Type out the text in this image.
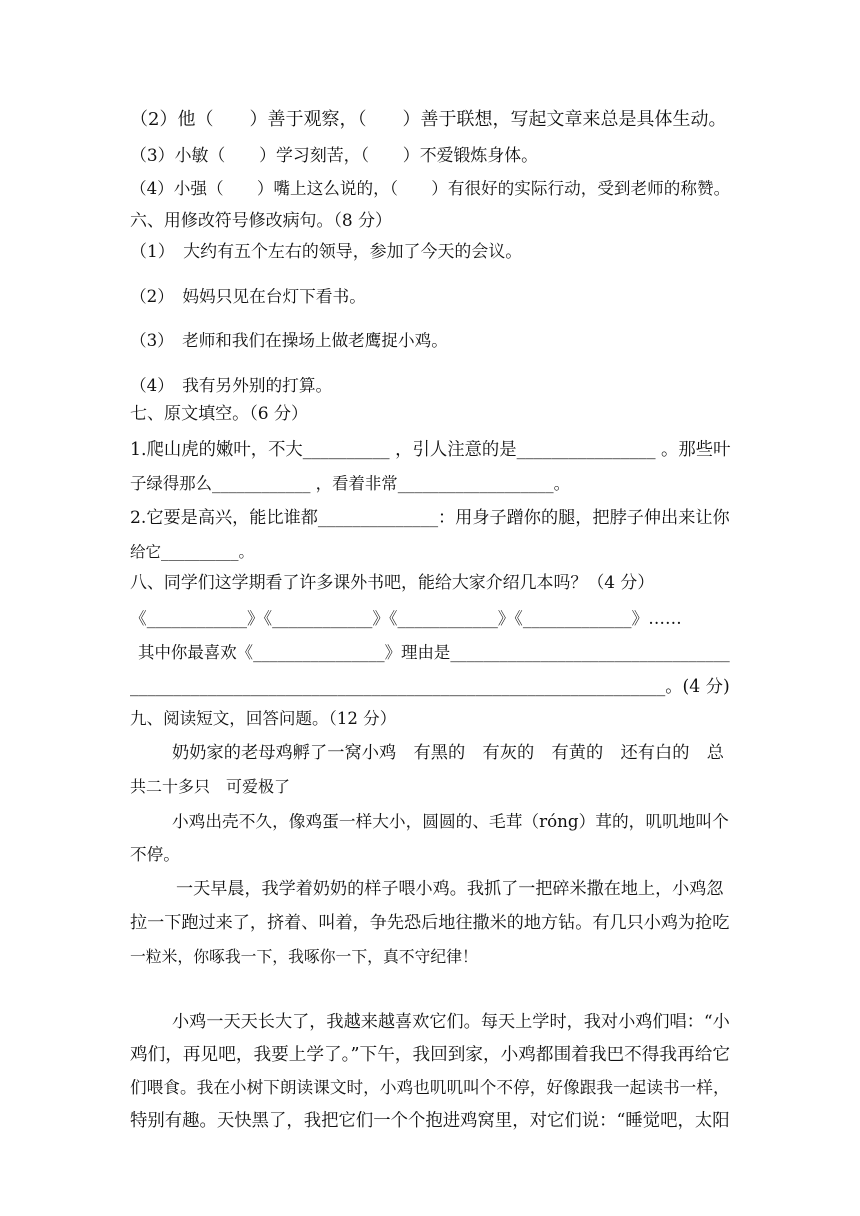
（2）他（　　）善于观察，（　　）善于联想，写起文章来总是具体生动。

（3）小敏（　　）学习刻苦，（　　）不爱锻炼身体。

（4）小强（　　）嘴上这么说的，（　　）有很好的实际行动，受到老师的称赞。

六、用修改符号修改病句。（8 分）

（1）　大约有五个左右的领导，参加了今天的会议。

（2）　妈妈只见在台灯下看书。

（3）　老师和我们在操场上做老鹰捉小鸡。

（4）　我有另外别的打算。

七、原文填空。（6 分）

1.爬山虎的嫩叶，不大__________ ，引人注意的是________________ 。那些叶

子绿得那么____________ ，看着非常___________________。

2.它要是高兴，能比谁都______________：用身子蹭你的腿，把脖子伸出来让你

给它__________。

八、同学们这学期看了许多课外书吧，能给大家介绍几本吗？（4 分）

《____________》《____________》《____________》《_____________》……

其中你最喜欢《________________》理由是__________________________________

______________________________________________________________。(4 分)

九、阅读短文，回答问题。（12 分）

奶奶家的老母鸡孵了一窝小鸡　有黑的　有灰的　有黄的　还有白的　总

共二十多只　可爱极了

小鸡出壳不久，像鸡蛋一样大小，圆圆的、毛茸（róng）茸的，叽叽地叫个

不停。

一天早晨，我学着奶奶的样子喂小鸡。我抓了一把碎米撒在地上，小鸡忽

拉一下跑过来了，挤着、叫着，争先恐后地往撒米的地方钻。有几只小鸡为抢吃

一粒米，你啄我一下，我啄你一下，真不守纪律！

小鸡一天天长大了，我越来越喜欢它们。每天上学时，我对小鸡们唱：“小

鸡们，再见吧，我要上学了。”下午，我回到家，小鸡都围着我巴不得我再给它

们喂食。我在小树下朗读课文时，小鸡也叽叽叫个不停，好像跟我一起读书一样，

特别有趣。天快黑了，我把它们一个个抱进鸡窝里，对它们说：“睡觉吧，太阳
